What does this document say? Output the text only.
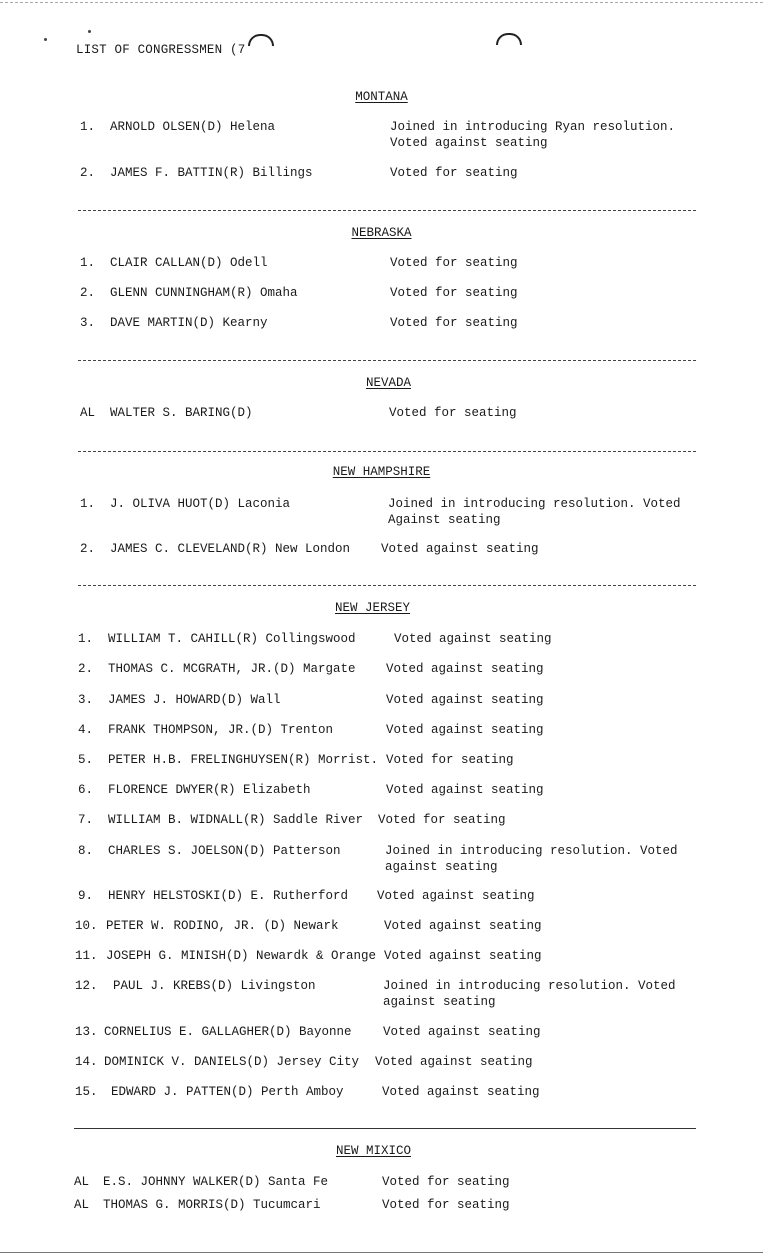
LIST OF CONGRESSMEN (7
MONTANA
1.	ARNOLD OLSEN(D) Helena	Joined in introducing Ryan resolution.
Voted against seating
2.	JAMES F. BATTIN(R) Billings	Voted for seating
NEBRASKA
1.	CLAIR CALLAN(D) Odell	Voted for seating
2.	GLENN CUNNINGHAM(R) Omaha	Voted for seating
3.	DAVE MARTIN(D) Kearny	Voted for seating
NEVADA
AL	WALTER S. BARING(D)	Voted for seating
NEW HAMPSHIRE
1.	J. OLIVA HUOT(D) Laconia	Joined in introducing resolution. Voted
Against seating
2.	JAMES C. CLEVELAND(R) New London Voted against seating
NEW JERSEY
1.	WILLIAM T. CAHILL(R) Collingswood	Voted against seating
2.	THOMAS C. MCGRATH, JR.(D) Margate Voted against seating
3.	JAMES J. HOWARD(D) Wall	Voted against seating
4.	FRANK THOMPSON, JR.(D) Trenton	Voted against seating
5.	PETER H.B. FRELINGHUYSEN(R) Morrist. Voted for seating
6.	FLORENCE DWYER(R) Elizabeth	Voted against seating
7.	WILLIAM B. WIDNALL(R) Saddle River Voted for seating
8.	CHARLES S. JOELSON(D) Patterson	Joined in introducing resolution. Voted
against seating
9.	HENRY HELSTOSKI(D) E. Rutherford Voted against seating
10. PETER W. RODINO, JR. (D) Newark	Voted against seating
11. JOSEPH G. MINISH(D) Newardk & Orange Voted against seating
12. PAUL J. KREBS(D) Livingston	Joined in introducing resolution. Voted
against seating
13. CORNELIUS E. GALLAGHER(D) Bayonne	Voted against seating
14. DOMINICK V. DANIELS(D) Jersey City Voted against seating
15. EDWARD J. PATTEN(D) Perth Amboy	Voted against seating
NEW MIXICO
AL	E.S. JOHNNY WALKER(D) Santa Fe	Voted for seating
AL	THOMAS G. MORRIS(D) Tucumcari	Voted for seating
